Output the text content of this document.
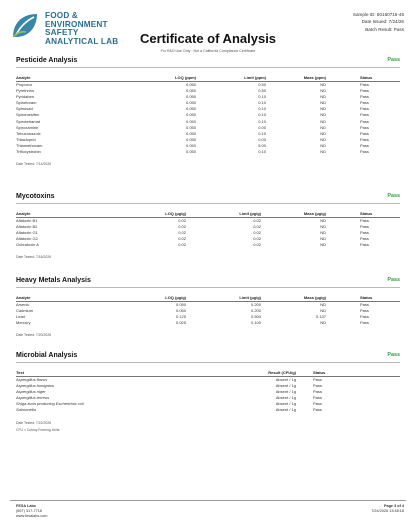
FOOD &
ENVIRONMENT
SAFETY
ANALYTICAL LAB
Sample ID: 80160715-46
Date Issued: 7/24/26
Batch Result: Pass
Certificate of Analysis
For R&D Use Only · Not a California Compliance Certificate
Pesticide Analysis	Pass
Analyte	LOQ (ppm)	Limit (ppm)	Mass (ppm)	Status
Propoxur	0.050	0.50	ND	Pass
Pyrethrins	0.050	0.50	ND	Pass
Pyridaben	0.050	0.10	ND	Pass
Spinetoram	0.050	0.10	ND	Pass
Spinosad	0.050	0.10	ND	Pass
Spiromesifen	0.050	0.10	ND	Pass
Spirotetramat	0.050	0.10	ND	Pass
Spiroxamine	0.050	0.00	ND	Pass
Tebuconazole	0.050	0.10	ND	Pass
Thiacloprid	0.050	0.00	ND	Pass
Thiamethoxam	0.050	5.00	ND	Pass
Trifloxystrobin	0.050	0.10	ND	Pass
Date Tested: 7/14/2026
Mycotoxins	Pass
Analyte	LOQ (µg/g)	Limit (µg/g)	Mass (µg/g)	Status
Aflatoxin B1	0.02	0.02	ND	Pass
Aflatoxin B2	0.02	0.02	ND	Pass
Aflatoxin G1	0.02	0.02	ND	Pass
Aflatoxin G2	0.02	0.02	ND	Pass
Ochratoxin A	0.02	0.02	ND	Pass
Date Tested: 7/16/2026
Heavy Metals Analysis	Pass
Analyte	LOQ (µg/g)	Limit (µg/g)	Mass (µg/g)	Status
Arsenic	0.050	0.200	ND	Pass
Cadmium	0.050	0.200	ND	Pass
Lead	0.125	0.500	0.137	Pass
Mercury	0.025	0.100	ND	Pass
Date Tested: 7/20/2026
Microbial Analysis	Pass
Test	Result (CFU/g)	Status
Aspergillus flavus	Absent / 1g	Pass
Aspergillus fumigatus	Absent / 1g	Pass
Aspergillus niger	Absent / 1g	Pass
Aspergillus terreus	Absent / 1g	Pass
Shiga-toxin producing Escherichia coli	Absent / 1g	Pass
Salmonella	Absent / 1g	Pass
Date Tested: 7/22/2026
CFU = Colony Forming Units
FESA Labs
(657) 317-7716
www.fesalabs.com
Page 3 of 4
7/24/2026 13:48:18
